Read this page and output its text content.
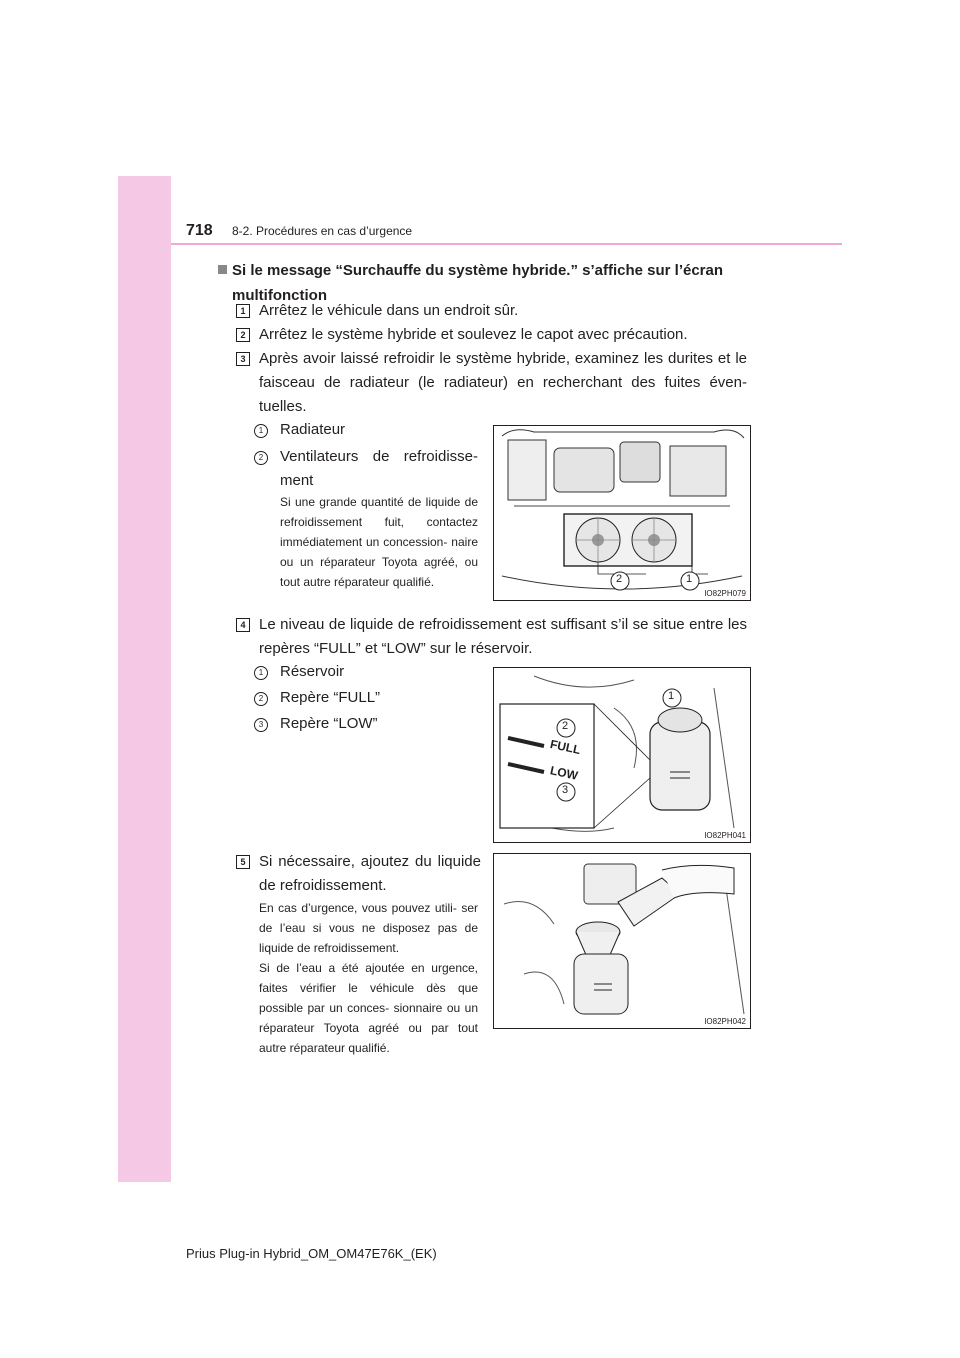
718 8-2. Procédures en cas d’urgence
Si le message “Surchauffe du système hybride.” s’affiche sur l’écran multifonction
1 Arrêtez le véhicule dans un endroit sûr.
2 Arrêtez le système hybride et soulevez le capot avec précaution.
3 Après avoir laissé refroidir le système hybride, examinez les durites et le faisceau de radiateur (le radiateur) en recherchant des fuites éven- tuelles.
1	Radiateur
2	Ventilateurs de refroidisse- ment
Si une grande quantité de liquide de refroidissement fuit, contactez immédiatement un concession- naire ou un réparateur Toyota agréé, ou tout autre réparateur qualifié.	2	1
IO82PH079
4 Le niveau de liquide de refroidissement est suffisant s’il se situe entre les repères “FULL” et “LOW” sur le réservoir.
1	Réservoir
2	Repère “FULL”
3	Repère “LOW”
1
2
3
FULL
LOW
IO82PH041
5 Si nécessaire, ajoutez du liquide de refroidissement.
En cas d’urgence, vous pouvez utili- ser de l’eau si vous ne disposez pas de liquide de refroidissement.
Si de l’eau a été ajoutée en urgence, faites vérifier le véhicule dès que possible par un conces- sionnaire ou un réparateur Toyota agréé ou par tout autre réparateur qualifié.
IO82PH042
Prius Plug-in Hybrid_OM_OM47E76K_(EK)
